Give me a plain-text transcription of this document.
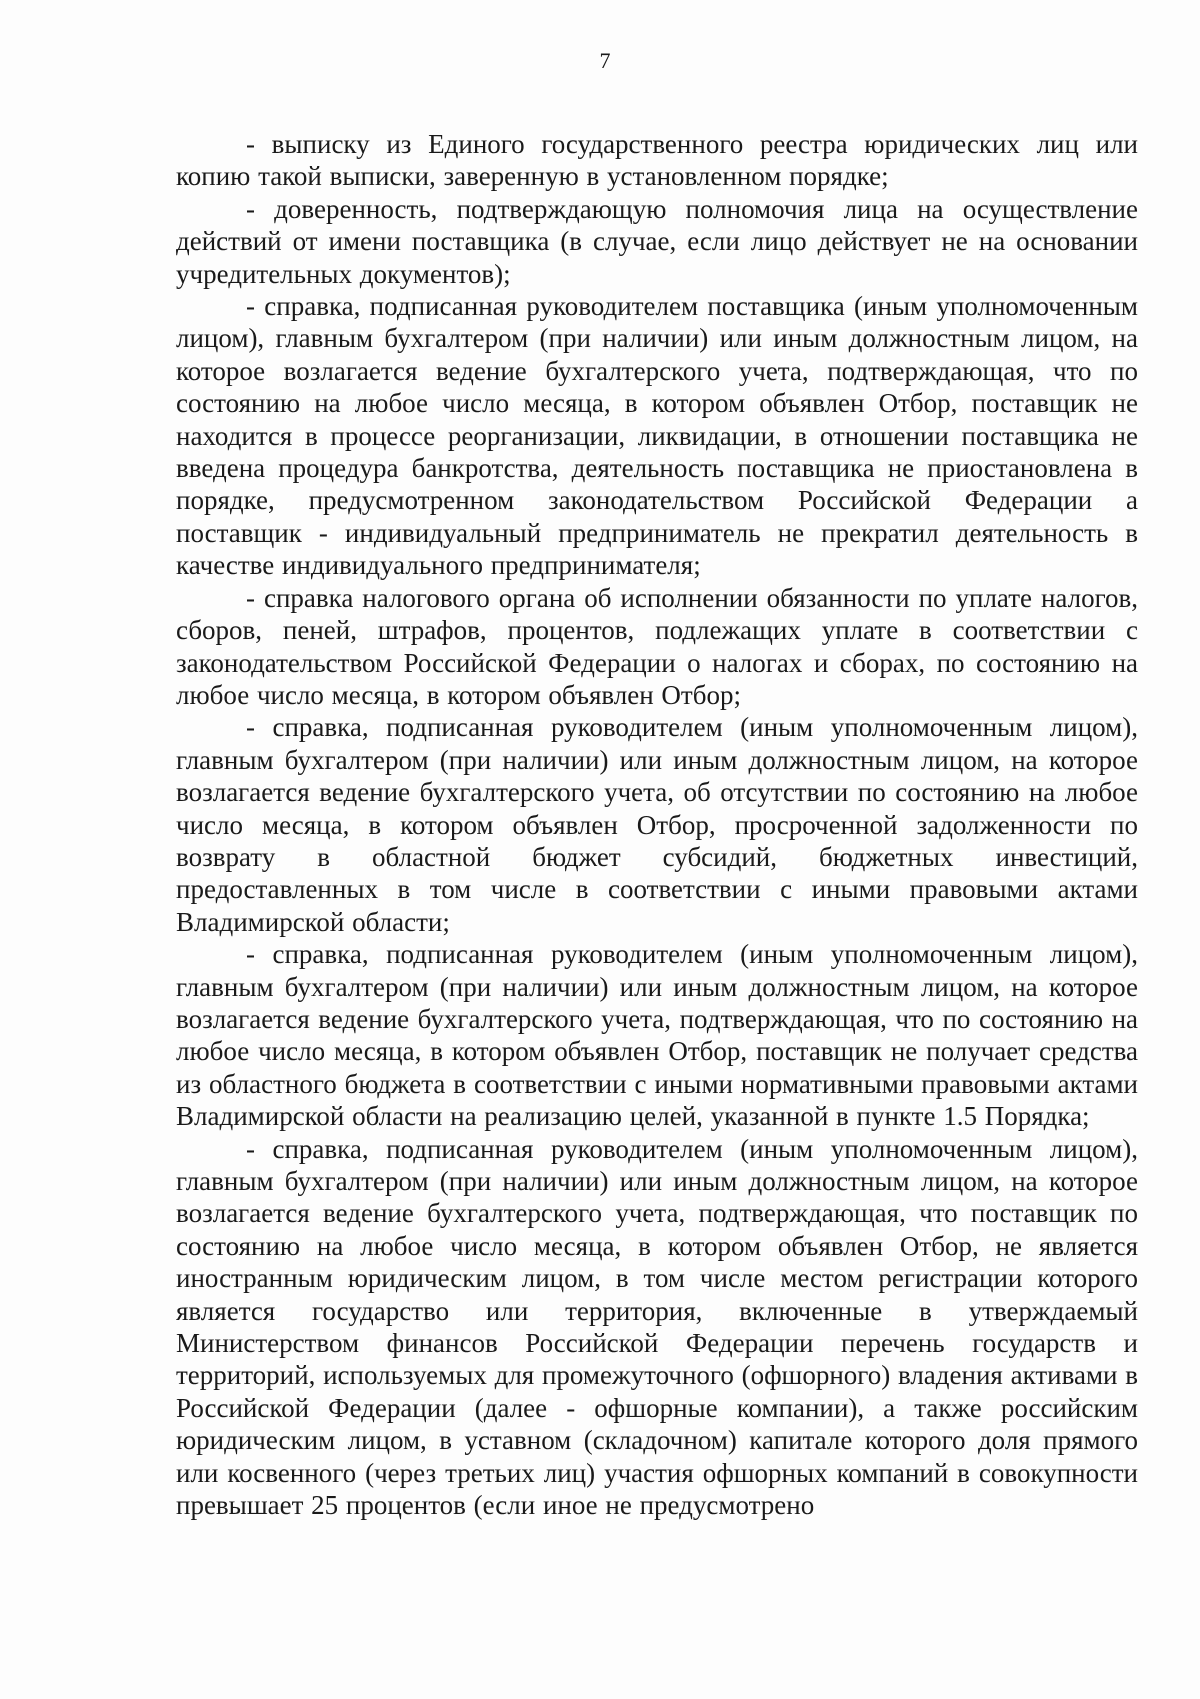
7

- выписку из Единого государственного реестра юридических лиц или копию такой выписки, заверенную в установленном порядке;

- доверенность, подтверждающую полномочия лица на осуществление действий от имени поставщика (в случае, если лицо действует не на основании учредительных документов);

- справка, подписанная руководителем поставщика (иным уполномоченным лицом), главным бухгалтером (при наличии) или иным должностным лицом, на которое возлагается ведение бухгалтерского учета, подтверждающая, что по состоянию на любое число месяца, в котором объявлен Отбор, поставщик не находится в процессе реорганизации, ликвидации, в отношении поставщика не введена процедура банкротства, деятельность поставщика не приостановлена в порядке, предусмотренном законодательством Российской Федерации а поставщик - индивидуальный предприниматель не прекратил деятельность в качестве индивидуального предпринимателя;

- справка налогового органа об исполнении обязанности по уплате налогов, сборов, пеней, штрафов, процентов, подлежащих уплате в соответствии с законодательством Российской Федерации о налогах и сборах, по состоянию на любое число месяца, в котором объявлен Отбор;

- справка, подписанная руководителем (иным уполномоченным лицом), главным бухгалтером (при наличии) или иным должностным лицом, на которое возлагается ведение бухгалтерского учета, об отсутствии по состоянию на любое число месяца, в котором объявлен Отбор, просроченной задолженности по возврату в областной бюджет субсидий, бюджетных инвестиций, предоставленных в том числе в соответствии с иными правовыми актами Владимирской области;

- справка, подписанная руководителем (иным уполномоченным лицом), главным бухгалтером (при наличии) или иным должностным лицом, на которое возлагается ведение бухгалтерского учета, подтверждающая, что по состоянию на любое число месяца, в котором объявлен Отбор, поставщик не получает средства из областного бюджета в соответствии с иными нормативными правовыми актами Владимирской области на реализацию целей, указанной в пункте 1.5 Порядка;

- справка, подписанная руководителем (иным уполномоченным лицом), главным бухгалтером (при наличии) или иным должностным лицом, на которое возлагается ведение бухгалтерского учета, подтверждающая, что поставщик по состоянию на любое число месяца, в котором объявлен Отбор, не является иностранным юридическим лицом, в том числе местом регистрации которого является государство или территория, включенные в утверждаемый Министерством финансов Российской Федерации перечень государств и территорий, используемых для промежуточного (офшорного) владения активами в Российской Федерации (далее - офшорные компании), а также российским юридическим лицом, в уставном (складочном) капитале которого доля прямого или косвенного (через третьих лиц) участия офшорных компаний в совокупности превышает 25 процентов (если иное не предусмотрено
